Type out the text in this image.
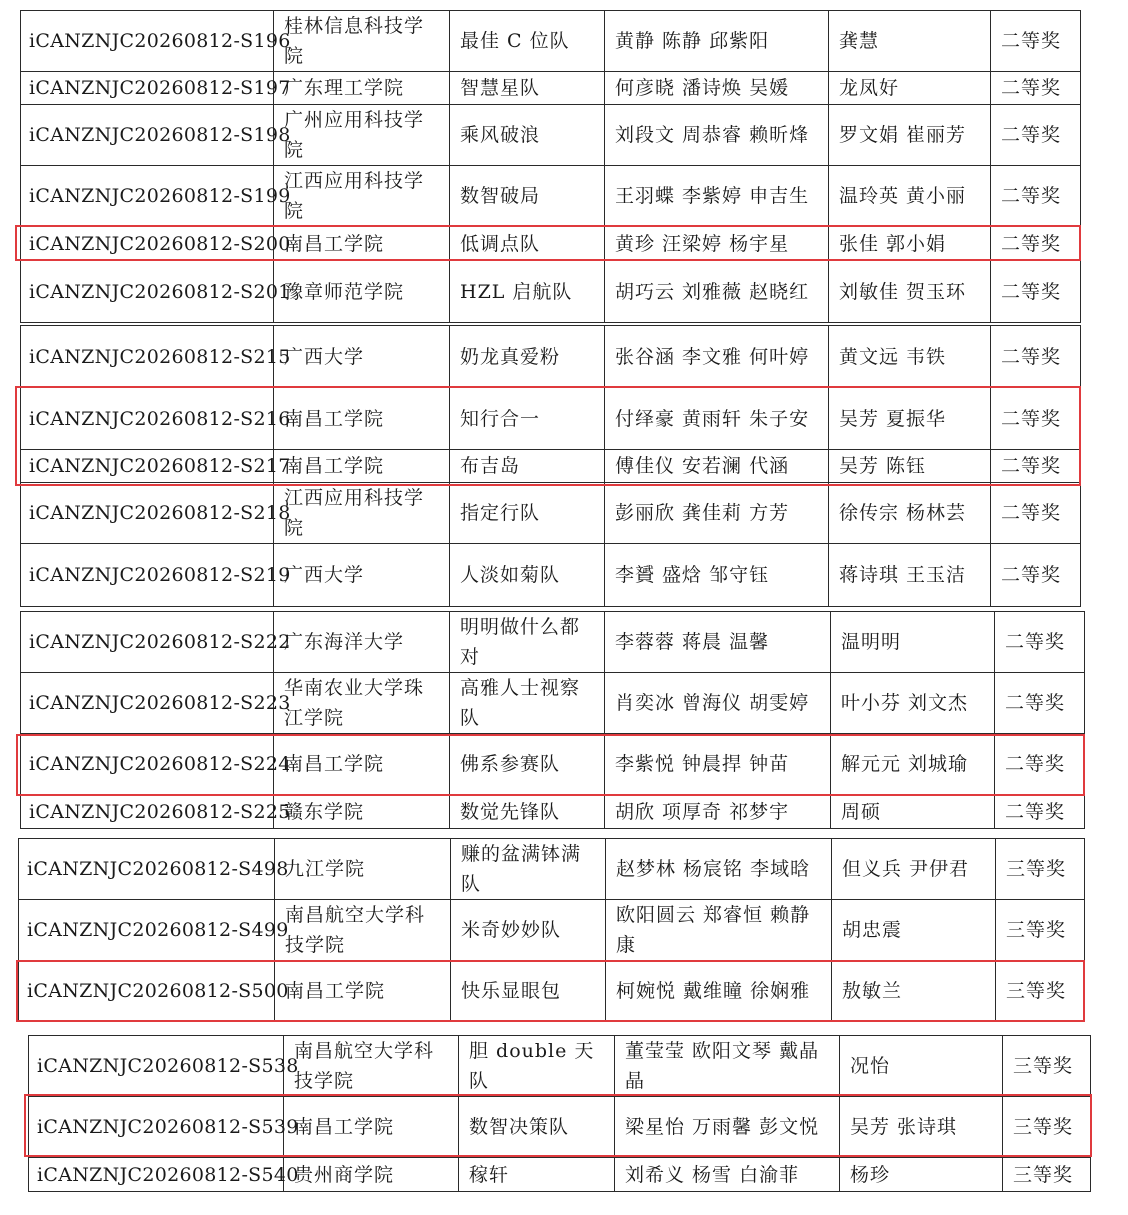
iCANZNJC20260812-S196	桂林信息科技学院	最佳 C 位队	黄静 陈静 邱紫阳	龚慧	二等奖
iCANZNJC20260812-S197	广东理工学院	智慧星队	何彦晓 潘诗焕 吴媛	龙凤好	二等奖
iCANZNJC20260812-S198	广州应用科技学院	乘风破浪	刘段文 周恭睿 赖昕烽	罗文娟 崔丽芳	二等奖
iCANZNJC20260812-S199	江西应用科技学院	数智破局	王羽蝶 李紫婷 申吉生	温玲英 黄小丽	二等奖
iCANZNJC20260812-S200	南昌工学院	低调点队	黄珍 汪梁婷 杨宇星	张佳 郭小娟	二等奖
iCANZNJC20260812-S201	豫章师范学院	HZL 启航队	胡巧云 刘雅薇 赵晓红	刘敏佳 贺玉环	二等奖
iCANZNJC20260812-S215	广西大学	奶龙真爱粉	张谷涵 李文雅 何叶婷	黄文远 韦铁	二等奖
iCANZNJC20260812-S216	南昌工学院	知行合一	付绎豪 黄雨轩 朱子安	吴芳 夏振华	二等奖
iCANZNJC20260812-S217	南昌工学院	布吉岛	傅佳仪 安若澜 代涵	吴芳 陈钰	二等奖
iCANZNJC20260812-S218	江西应用科技学院	指定行队	彭丽欣 龚佳莉 方芳	徐传宗 杨林芸	二等奖
iCANZNJC20260812-S219	广西大学	人淡如菊队	李贇 盛焓 邹守钰	蒋诗琪 王玉洁	二等奖
iCANZNJC20260812-S222	广东海洋大学	明明做什么都对	李蓉蓉 蒋晨 温馨	温明明	二等奖
iCANZNJC20260812-S223	华南农业大学珠江学院	高雅人士视察队	肖奕冰 曾海仪 胡雯婷	叶小芬 刘文杰	二等奖
iCANZNJC20260812-S224	南昌工学院	佛系参赛队	李紫悦 钟晨捍 钟苗	解元元 刘城瑜	二等奖
iCANZNJC20260812-S225	赣东学院	数觉先锋队	胡欣 项厚奇 祁梦宇	周硕	二等奖
iCANZNJC20260812-S498	九江学院	赚的盆满钵满队	赵梦林 杨宸铭 李域晗	但义兵 尹伊君	三等奖
iCANZNJC20260812-S499	南昌航空大学科技学院	米奇妙妙队	欧阳圆云 郑睿恒 赖静康	胡忠震	三等奖
iCANZNJC20260812-S500	南昌工学院	快乐显眼包	柯婉悦 戴维瞳 徐娴雅	敖敏兰	三等奖
iCANZNJC20260812-S538	南昌航空大学科技学院	胆 double 天队	董莹莹 欧阳文琴 戴晶晶	况怡	三等奖
iCANZNJC20260812-S539	南昌工学院	数智决策队	梁星怡 万雨馨 彭文悦	吴芳 张诗琪	三等奖
iCANZNJC20260812-S540	贵州商学院	稼轩	刘希义 杨雪 白渝菲	杨珍	三等奖
